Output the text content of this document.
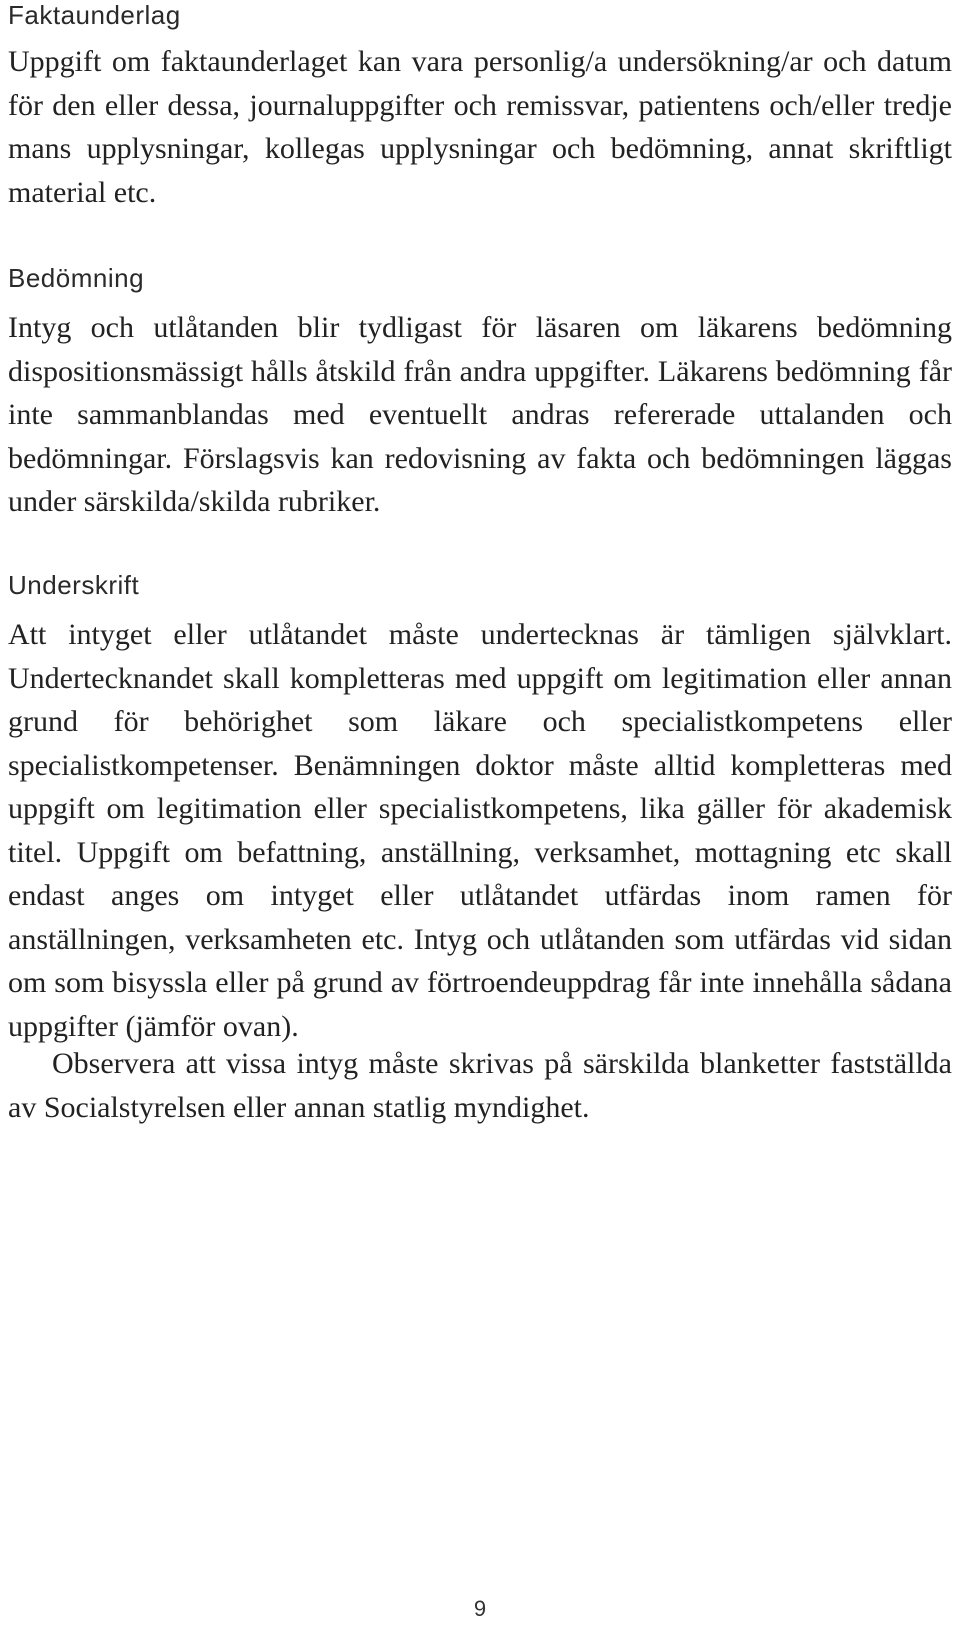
Faktaunderlag

Uppgift om faktaunderlaget kan vara personlig/a undersökning/ar och datum för den eller dessa, journaluppgifter och remissvar, patientens och/eller tredje mans upplysningar, kollegas upplysningar och bedömning, annat skriftligt material etc.

Bedömning

Intyg och utlåtanden blir tydligast för läsaren om läkarens bedömning dispositionsmässigt hålls åtskild från andra uppgifter. Läkarens bedömning får inte sammanblandas med eventuellt andras refererade uttalanden och bedömningar. Förslagsvis kan redovisning av fakta och bedömningen läggas under särskilda/skilda rubriker.

Underskrift

Att intyget eller utlåtandet måste undertecknas är tämligen självklart. Undertecknandet skall kompletteras med uppgift om legitimation eller annan grund för behörighet som läkare och specialistkompetens eller specialistkompetenser. Benämningen doktor måste alltid kompletteras med uppgift om legitimation eller specialistkompetens, lika gäller för akademisk titel. Uppgift om befattning, anställning, verksamhet, mottagning etc skall endast anges om intyget eller utlåtandet utfärdas inom ramen för anställningen, verksamheten etc. Intyg och utlåtanden som utfärdas vid sidan om som bisyssla eller på grund av förtroendeuppdrag får inte innehålla sådana uppgifter (jämför ovan).

Observera att vissa intyg måste skrivas på särskilda blanketter fastställda av Socialstyrelsen eller annan statlig myndighet.

9
